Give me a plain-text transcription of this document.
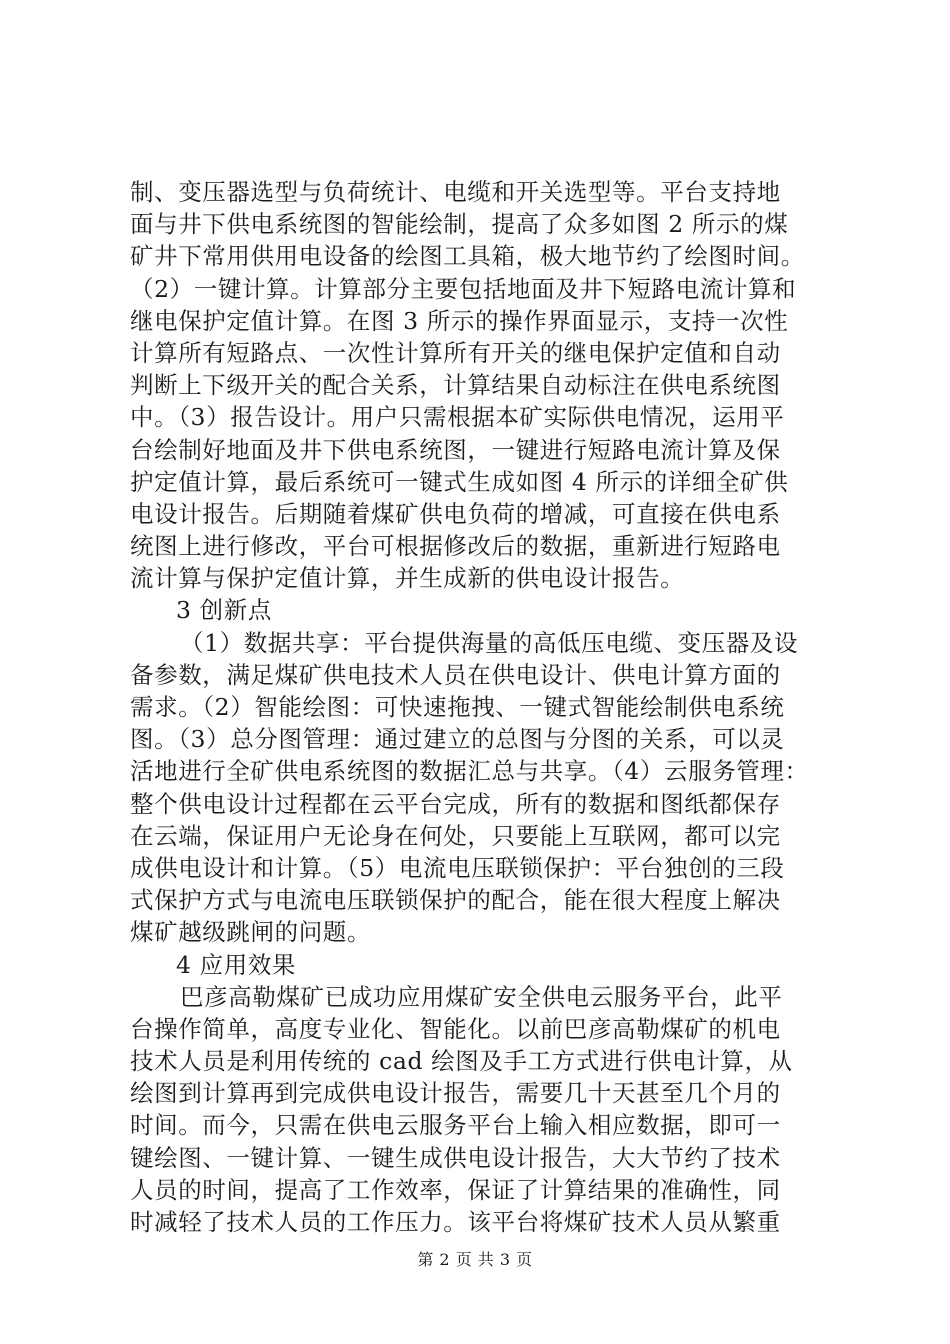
制、变压器选型与负荷统计、电缆和开关选型等。平台支持地
面与井下供电系统图的智能绘制，提高了众多如图 2 所示的煤
矿井下常用供用电设备的绘图工具箱，极大地节约了绘图时间。
（2）一键计算。计算部分主要包括地面及井下短路电流计算和
继电保护定值计算。在图 3 所示的操作界面显示，支持一次性
计算所有短路点、一次性计算所有开关的继电保护定值和自动
判断上下级开关的配合关系，计算结果自动标注在供电系统图
中。（3）报告设计。用户只需根据本矿实际供电情况，运用平
台绘制好地面及井下供电系统图，一键进行短路电流计算及保
护定值计算，最后系统可一键式生成如图 4 所示的详细全矿供
电设计报告。后期随着煤矿供电负荷的增减，可直接在供电系
统图上进行修改，平台可根据修改后的数据，重新进行短路电
流计算与保护定值计算，并生成新的供电设计报告。
3 创新点
（1）数据共享：平台提供海量的高低压电缆、变压器及设
备参数，满足煤矿供电技术人员在供电设计、供电计算方面的
需求。（2）智能绘图：可快速拖拽、一键式智能绘制供电系统
图。（3）总分图管理：通过建立的总图与分图的关系，可以灵
活地进行全矿供电系统图的数据汇总与共享。（4）云服务管理：
整个供电设计过程都在云平台完成，所有的数据和图纸都保存
在云端，保证用户无论身在何处，只要能上互联网，都可以完
成供电设计和计算。（5）电流电压联锁保护：平台独创的三段
式保护方式与电流电压联锁保护的配合，能在很大程度上解决
煤矿越级跳闸的问题。
4 应用效果
巴彦高勒煤矿已成功应用煤矿安全供电云服务平台，此平
台操作简单，高度专业化、智能化。以前巴彦高勒煤矿的机电
技术人员是利用传统的 cad 绘图及手工方式进行供电计算，从
绘图到计算再到完成供电设计报告，需要几十天甚至几个月的
时间。而今，只需在供电云服务平台上输入相应数据，即可一
键绘图、一键计算、一键生成供电设计报告，大大节约了技术
人员的时间，提高了工作效率，保证了计算结果的准确性，同
时减轻了技术人员的工作压力。该平台将煤矿技术人员从繁重
第 2 页 共 3 页
